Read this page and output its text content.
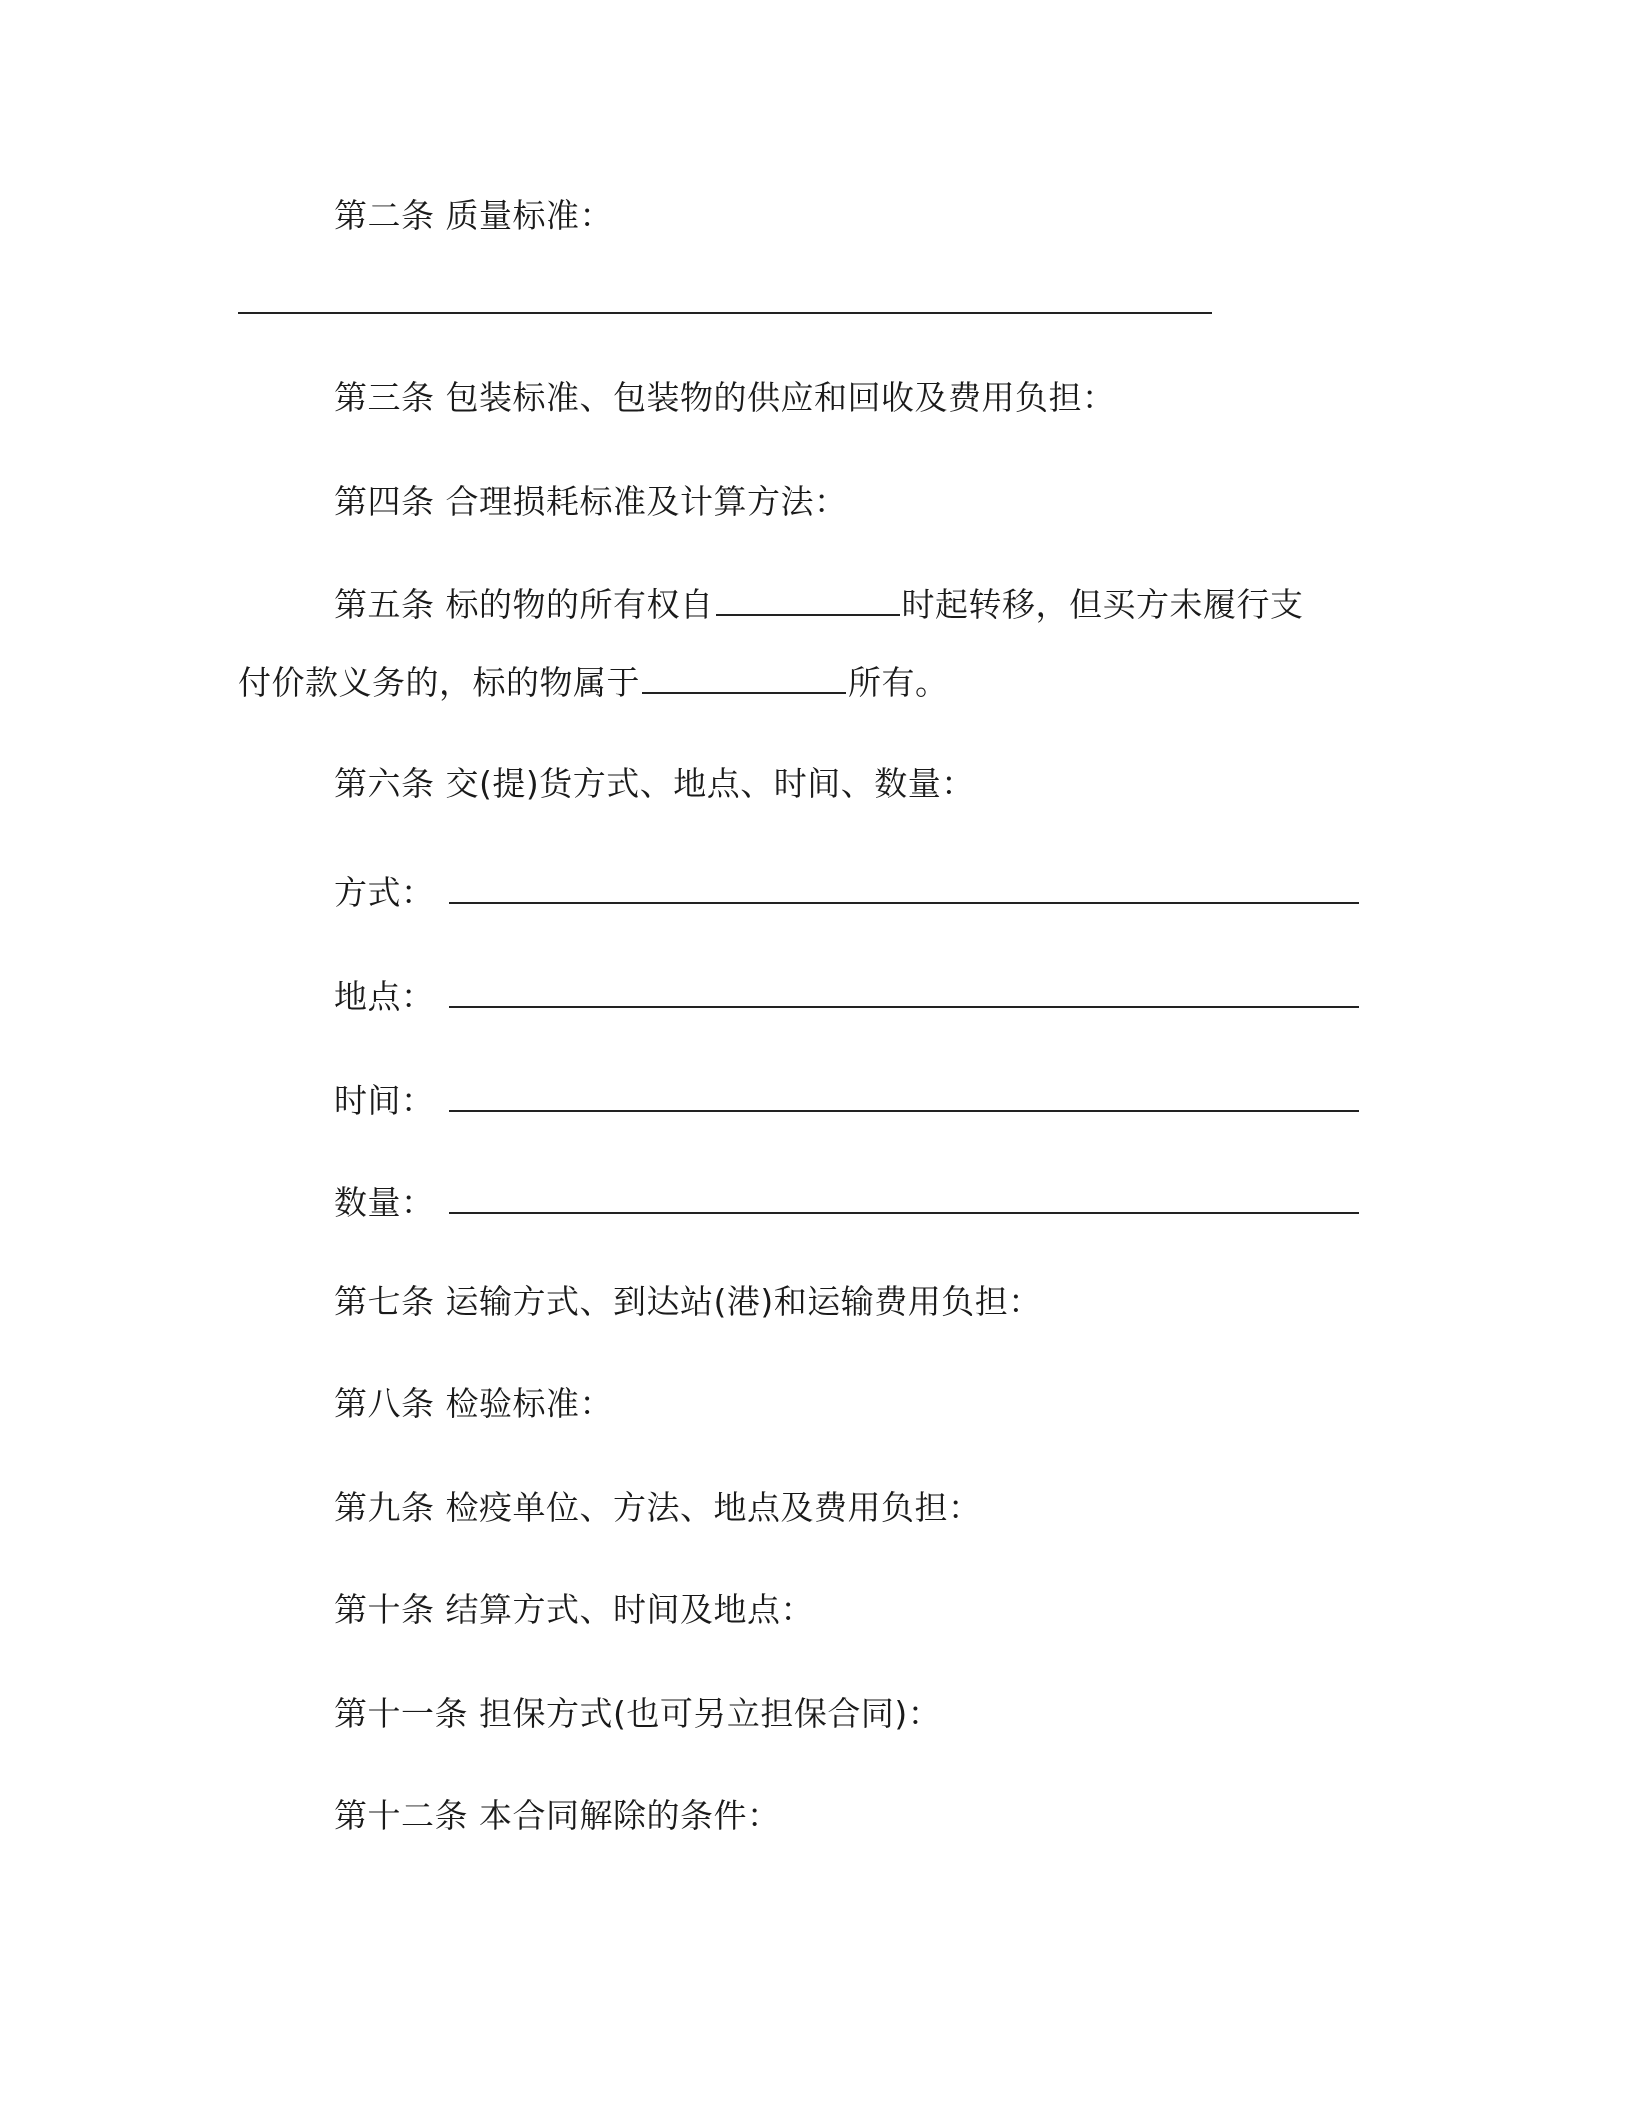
第二条 质量标准：
第三条 包装标准、包装物的供应和回收及费用负担：
第四条 合理损耗标准及计算方法：
第五条 标的物的所有权自	时起转移，但买方未履行支
付价款义务的，标的物属于	所有。
第六条 交(提)货方式、地点、时间、数量：
方式：
地点：
时间：
数量：
第七条 运输方式、到达站(港)和运输费用负担：
第八条 检验标准：
第九条 检疫单位、方法、地点及费用负担：
第十条 结算方式、时间及地点：
第十一条 担保方式(也可另立担保合同)：
第十二条 本合同解除的条件：
